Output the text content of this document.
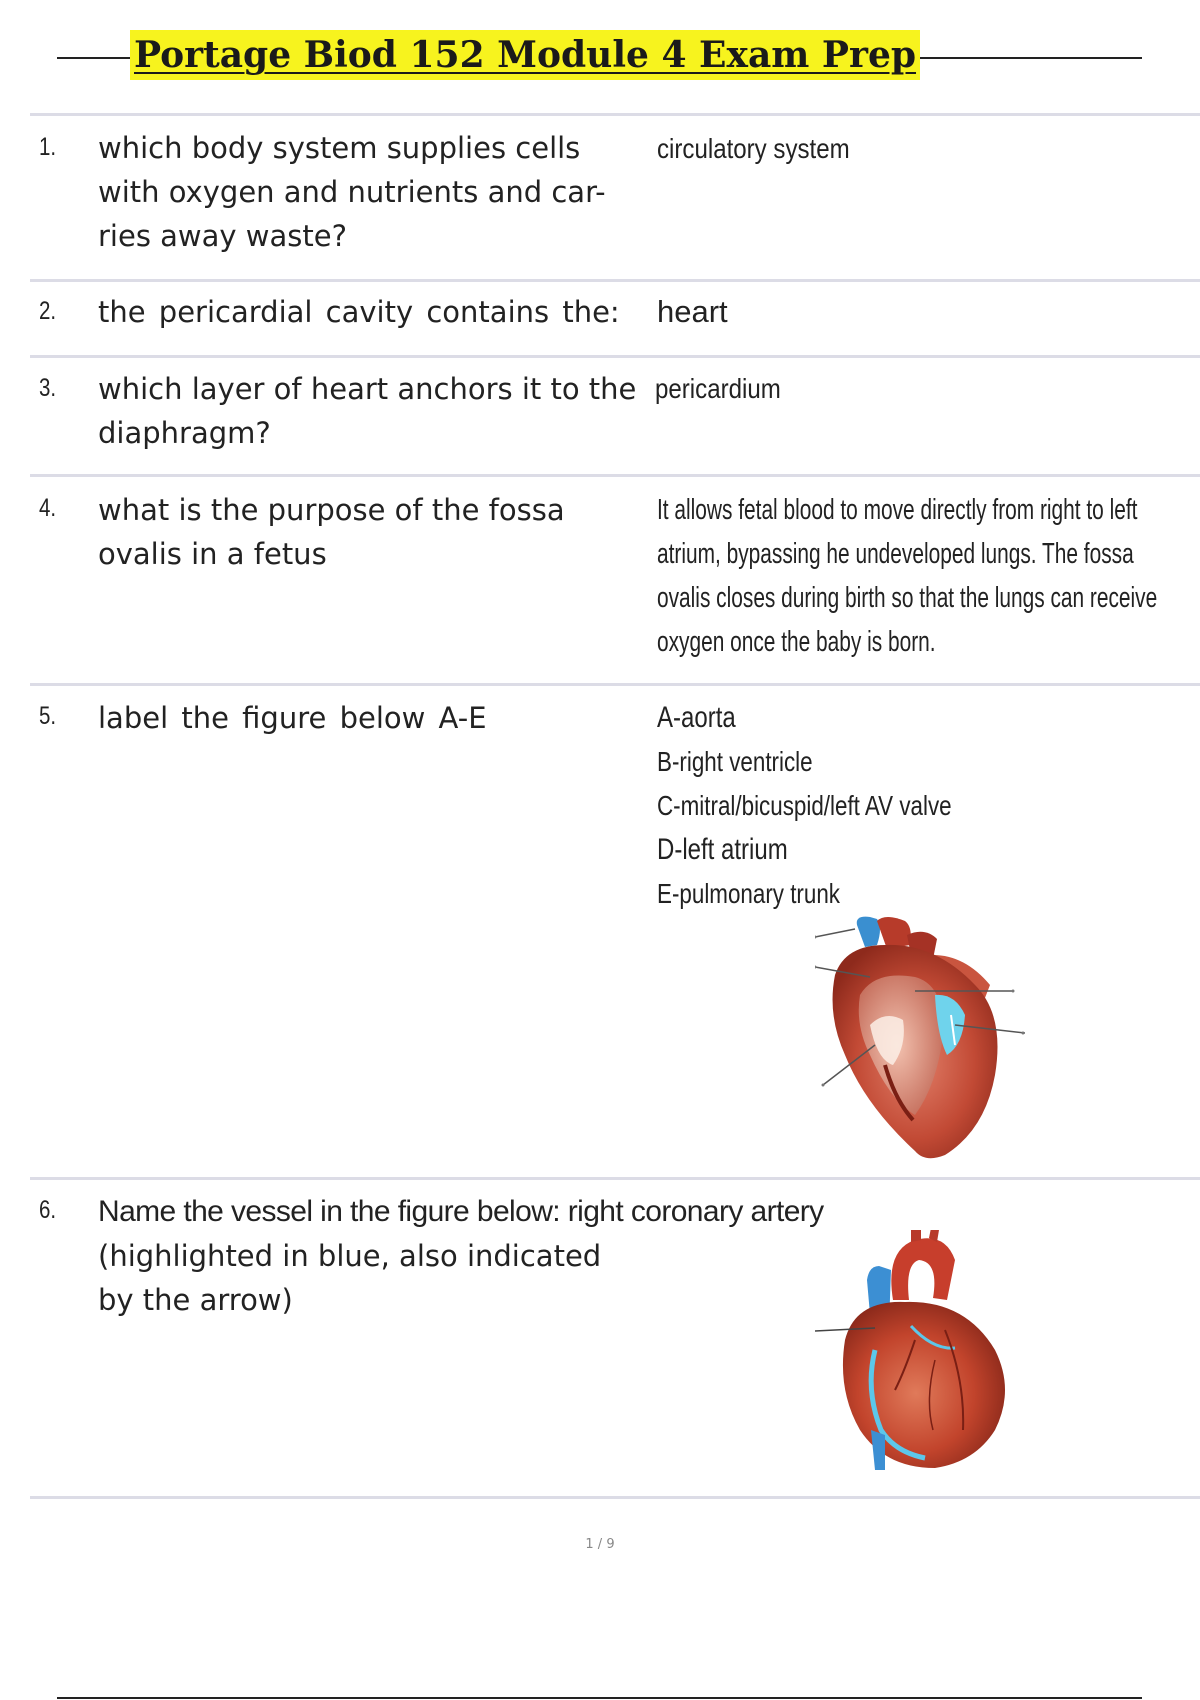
Portage Biod 152 Module 4 Exam Prep
1. which body system supplies cells
with oxygen and nutrients and car-
ries away waste?
circulatory system
2. the pericardial cavity contains the:	heart
3. which layer of heart anchors it to the
diaphragm?
pericardium
4. what is the purpose of the fossa
ovalis in a fetus
It allows fetal blood to move directly from right to left
atrium, bypassing he undeveloped lungs. The fossa
ovalis closes during birth so that the lungs can receive
oxygen once the baby is born.
5. label the figure below A-E	A-aorta
B-right ventricle
C-mitral/bicuspid/left AV valve
D-left atrium
E-pulmonary trunk
6. Name the vessel in the figure below: right coronary artery
(highlighted in blue, also indicated
by the arrow)
1 / 9
